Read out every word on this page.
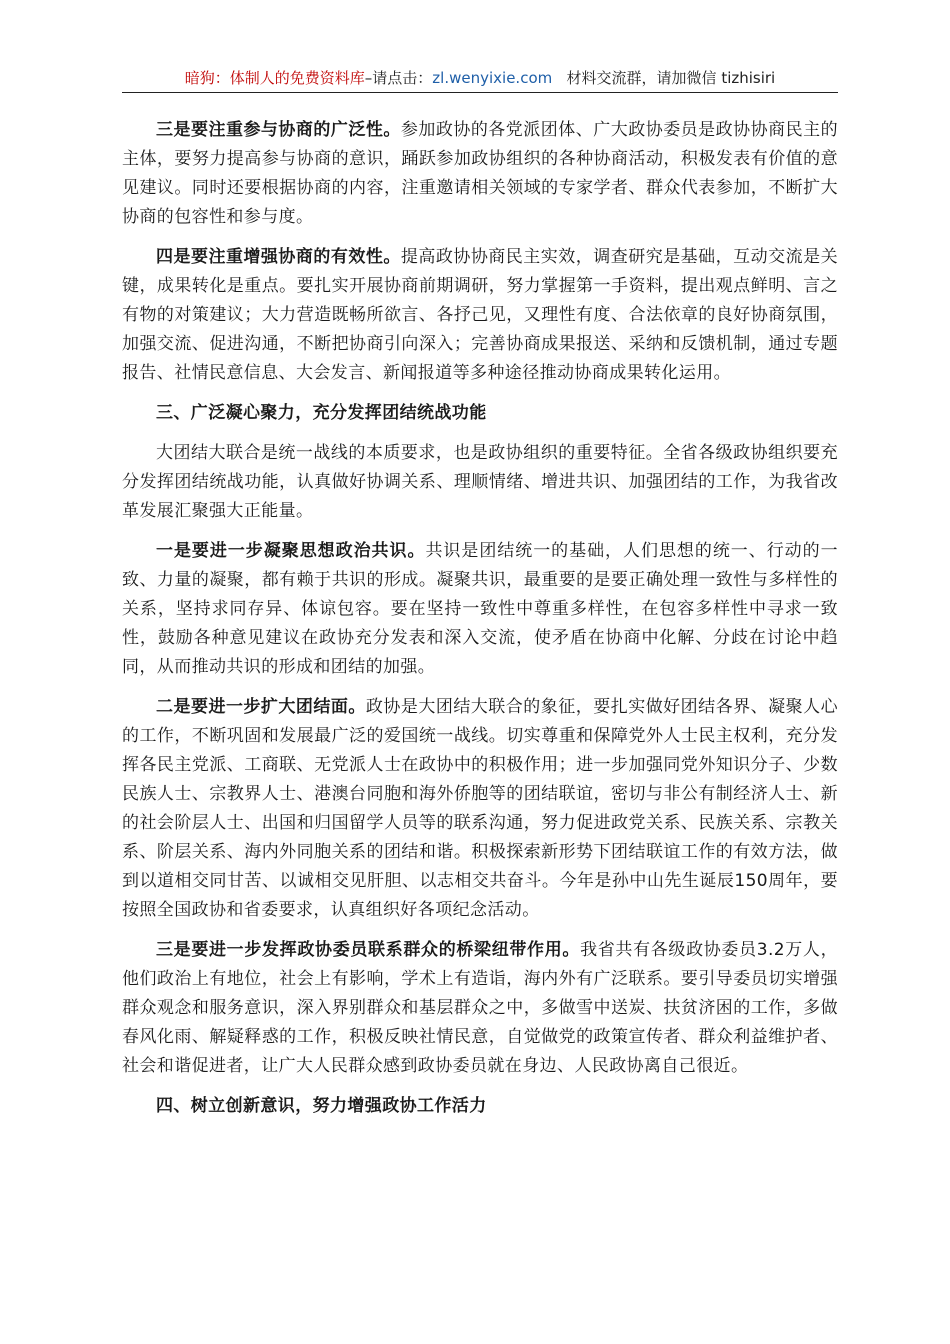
暗狗：体制人的免费资料库–请点击：zl.wenyixie.com 材料交流群，请加微信 tizhisiri

三是要注重参与协商的广泛性。参加政协的各党派团体、广大政协委员是政协协商民主的主体，要努力提高参与协商的意识，踊跃参加政协组织的各种协商活动，积极发表有价值的意见建议。同时还要根据协商的内容，注重邀请相关领域的专家学者、群众代表参加，不断扩大协商的包容性和参与度。

四是要注重增强协商的有效性。提高政协协商民主实效，调查研究是基础，互动交流是关键，成果转化是重点。要扎实开展协商前期调研，努力掌握第一手资料，提出观点鲜明、言之有物的对策建议；大力营造既畅所欲言、各抒己见，又理性有度、合法依章的良好协商氛围，加强交流、促进沟通，不断把协商引向深入；完善协商成果报送、采纳和反馈机制，通过专题报告、社情民意信息、大会发言、新闻报道等多种途径推动协商成果转化运用。

三、广泛凝心聚力，充分发挥团结统战功能

大团结大联合是统一战线的本质要求，也是政协组织的重要特征。全省各级政协组织要充分发挥团结统战功能，认真做好协调关系、理顺情绪、增进共识、加强团结的工作，为我省改革发展汇聚强大正能量。

一是要进一步凝聚思想政治共识。共识是团结统一的基础，人们思想的统一、行动的一致、力量的凝聚，都有赖于共识的形成。凝聚共识，最重要的是要正确处理一致性与多样性的关系，坚持求同存异、体谅包容。要在坚持一致性中尊重多样性，在包容多样性中寻求一致性，鼓励各种意见建议在政协充分发表和深入交流，使矛盾在协商中化解、分歧在讨论中趋同，从而推动共识的形成和团结的加强。

二是要进一步扩大团结面。政协是大团结大联合的象征，要扎实做好团结各界、凝聚人心的工作，不断巩固和发展最广泛的爱国统一战线。切实尊重和保障党外人士民主权利，充分发挥各民主党派、工商联、无党派人士在政协中的积极作用；进一步加强同党外知识分子、少数民族人士、宗教界人士、港澳台同胞和海外侨胞等的团结联谊，密切与非公有制经济人士、新的社会阶层人士、出国和归国留学人员等的联系沟通，努力促进政党关系、民族关系、宗教关系、阶层关系、海内外同胞关系的团结和谐。积极探索新形势下团结联谊工作的有效方法，做到以道相交同甘苦、以诚相交见肝胆、以志相交共奋斗。今年是孙中山先生诞辰150周年，要按照全国政协和省委要求，认真组织好各项纪念活动。

三是要进一步发挥政协委员联系群众的桥梁纽带作用。我省共有各级政协委员3.2万人，他们政治上有地位，社会上有影响，学术上有造诣，海内外有广泛联系。要引导委员切实增强群众观念和服务意识，深入界别群众和基层群众之中，多做雪中送炭、扶贫济困的工作，多做春风化雨、解疑释惑的工作，积极反映社情民意，自觉做党的政策宣传者、群众利益维护者、社会和谐促进者，让广大人民群众感到政协委员就在身边、人民政协离自己很近。

四、树立创新意识，努力增强政协工作活力
